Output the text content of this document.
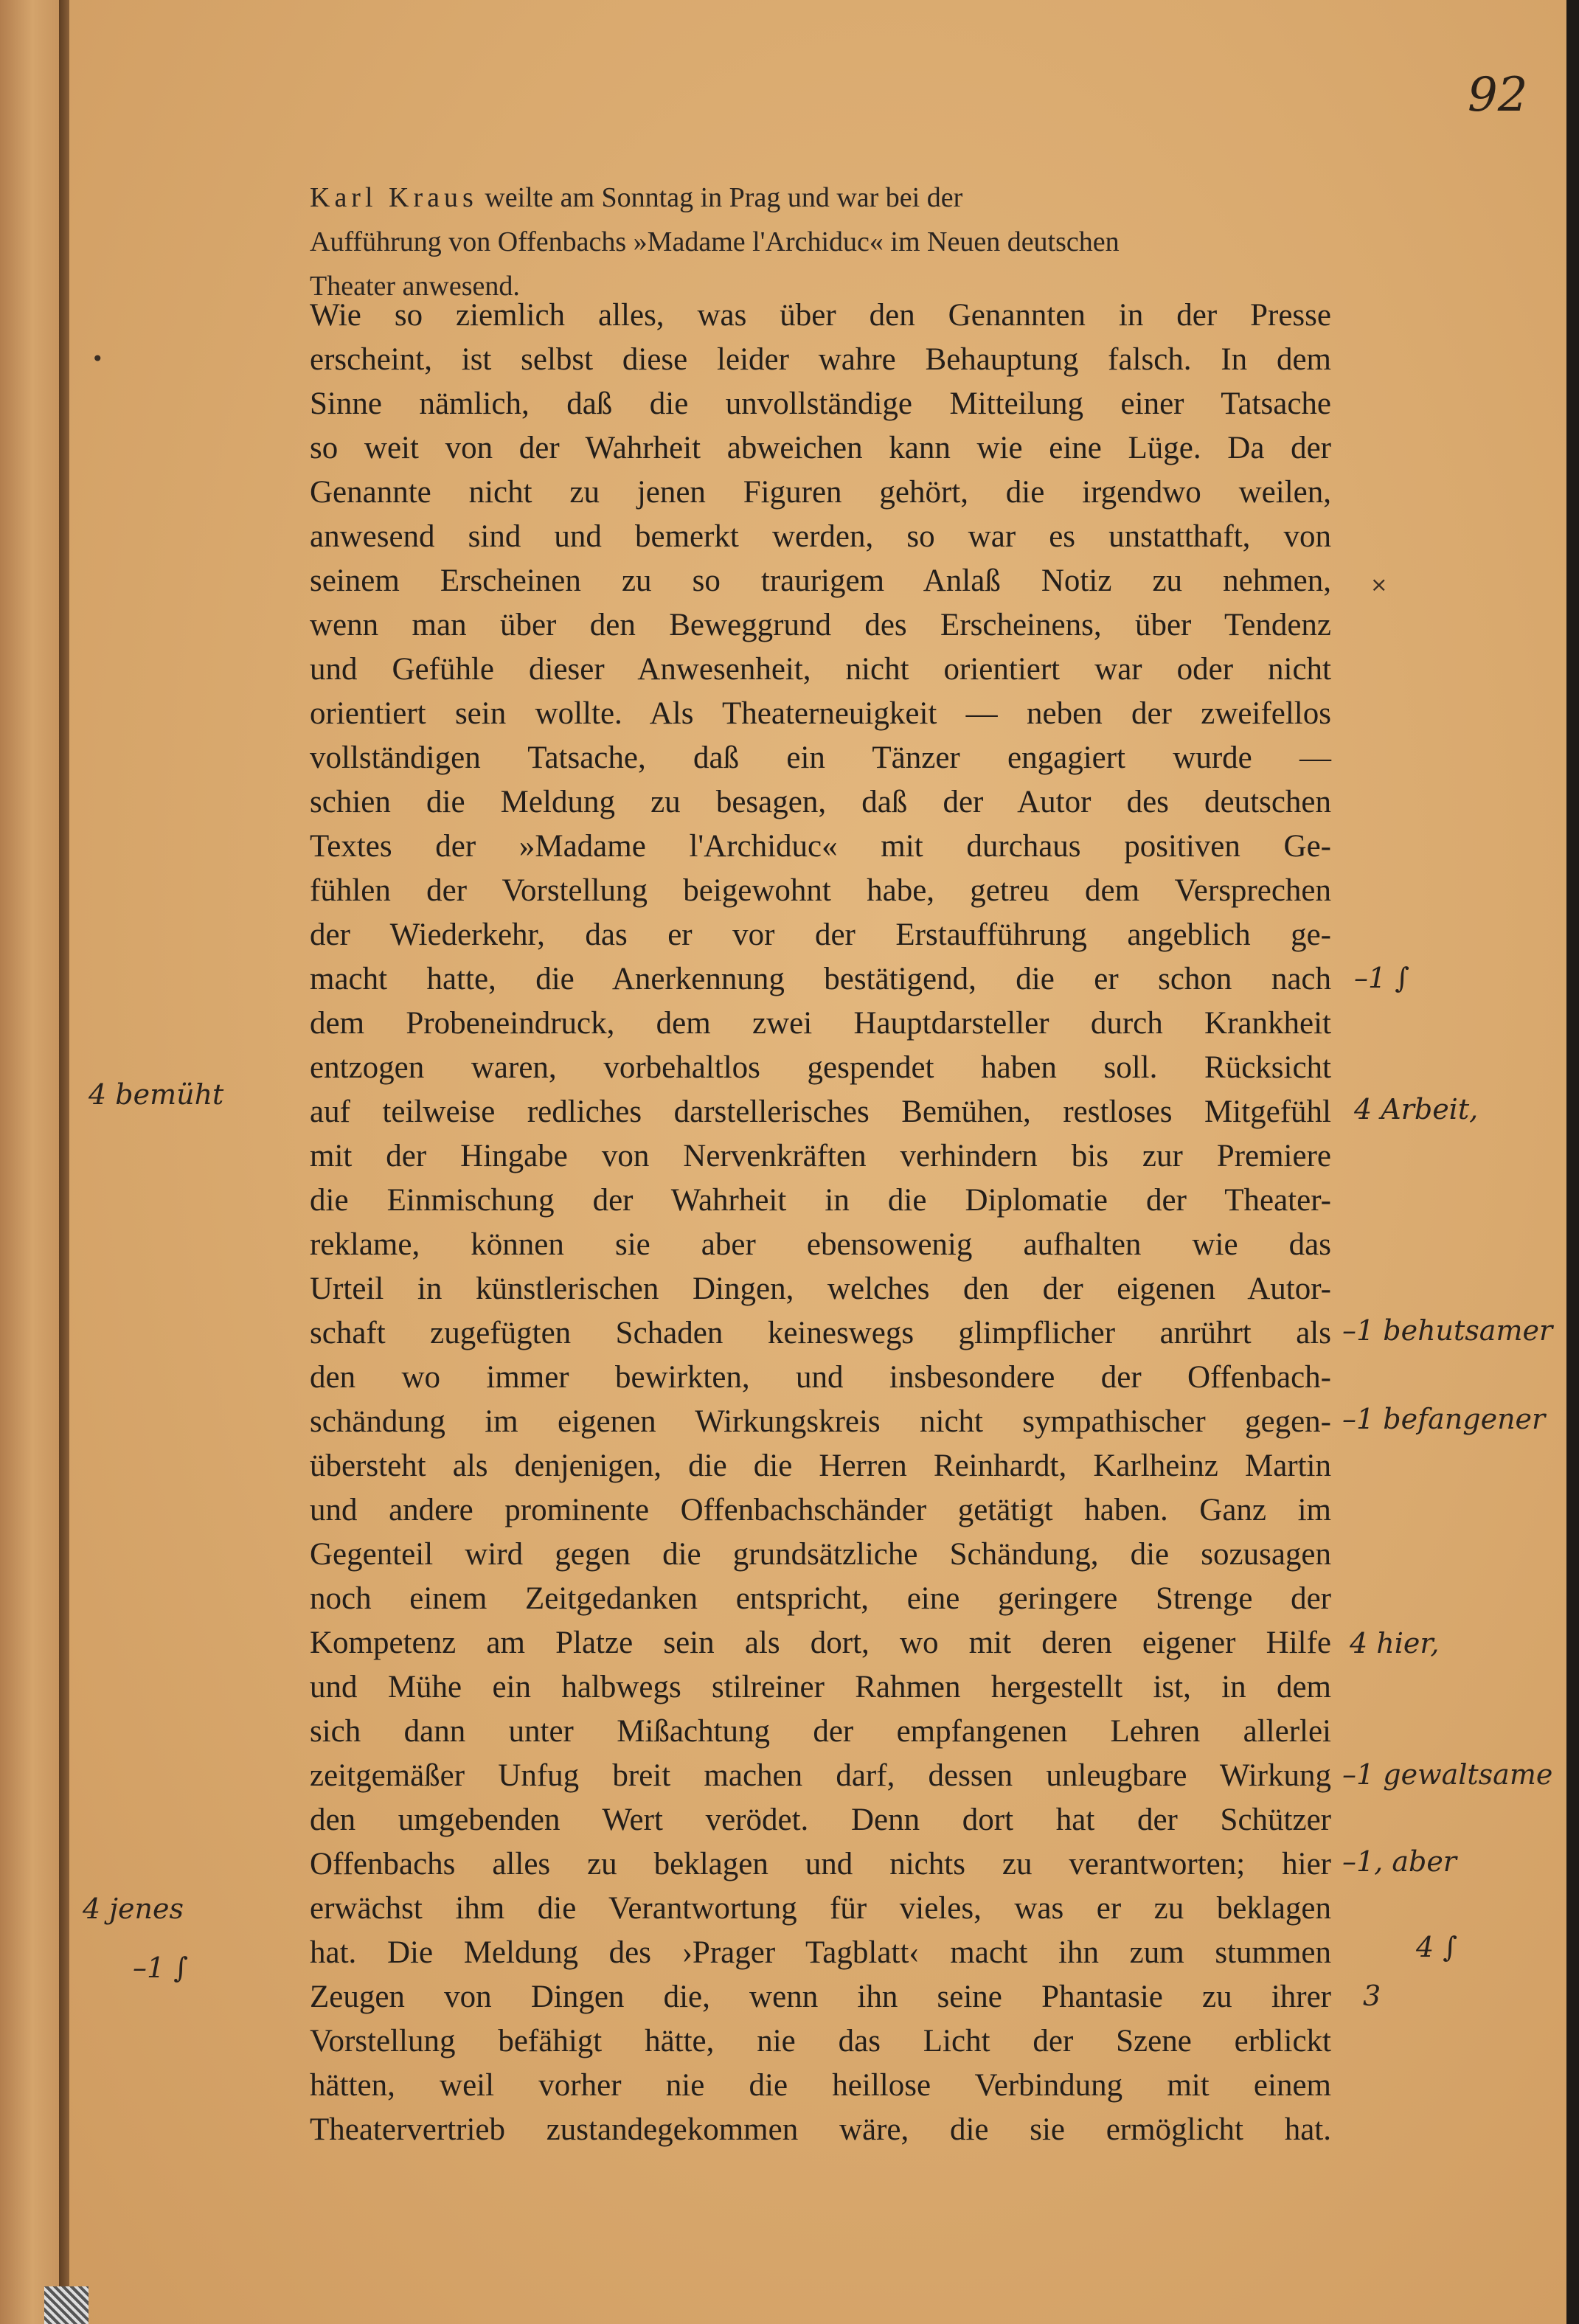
92
Karl Kraus weilte am Sonntag in Prag und war bei der
Aufführung von Offenbachs »Madame l'Archiduc« im Neuen deutschen
Theater anwesend.
Wie so ziemlich alles, was über den Genannten in der Presse
erscheint, ist selbst diese leider wahre Behauptung falsch. In dem
Sinne nämlich, daß die unvollständige Mitteilung einer Tatsache
so weit von der Wahrheit abweichen kann wie eine Lüge. Da der
Genannte nicht zu jenen Figuren gehört, die irgendwo weilen,
anwesend sind und bemerkt werden, so war es unstatthaft, von
seinem Erscheinen zu so traurigem Anlaß Notiz zu nehmen,
wenn man über den Beweggrund des Erscheinens, über Tendenz
und Gefühle dieser Anwesenheit, nicht orientiert war oder nicht
orientiert sein wollte. Als Theaterneuigkeit — neben der zweifellos
vollständigen Tatsache, daß ein Tänzer engagiert wurde —
schien die Meldung zu besagen, daß der Autor des deutschen
Textes der »Madame l'Archiduc« mit durchaus positiven Ge-
fühlen der Vorstellung beigewohnt habe, getreu dem Versprechen
der Wiederkehr, das er vor der Erstaufführung angeblich ge-
macht hatte, die Anerkennung bestätigend, die er schon nach
dem Probeneindruck, dem zwei Hauptdarsteller durch Krankheit
entzogen waren, vorbehaltlos gespendet haben soll. Rücksicht
auf teilweise redliches darstellerisches Bemühen, restloses Mitgefühl
mit der Hingabe von Nervenkräften verhindern bis zur Premiere
die Einmischung der Wahrheit in die Diplomatie der Theater-
reklame, können sie aber ebensowenig aufhalten wie das
Urteil in künstlerischen Dingen, welches den der eigenen Autor-
schaft zugefügten Schaden keineswegs glimpflicher anrührt als
den wo immer bewirkten, und insbesondere der Offenbach-
schändung im eigenen Wirkungskreis nicht sympathischer gegen-
übersteht als denjenigen, die die Herren Reinhardt, Karlheinz Martin
und andere prominente Offenbachschänder getätigt haben. Ganz im
Gegenteil wird gegen die grundsätzliche Schändung, die sozusagen
noch einem Zeitgedanken entspricht, eine geringere Strenge der
Kompetenz am Platze sein als dort, wo mit deren eigener Hilfe
und Mühe ein halbwegs stilreiner Rahmen hergestellt ist, in dem
sich dann unter Mißachtung der empfangenen Lehren allerlei
zeitgemäßer Unfug breit machen darf, dessen unleugbare Wirkung
den umgebenden Wert verödet. Denn dort hat der Schützer
Offenbachs alles zu beklagen und nichts zu verantworten; hier
erwächst ihm die Verantwortung für vieles, was er zu beklagen
hat. Die Meldung des ›Prager Tagblatt‹ macht ihn zum stummen
Zeugen von Dingen die, wenn ihn seine Phantasie zu ihrer
Vorstellung befähigt hätte, nie das Licht der Szene erblickt
hätten, weil vorher nie die heillose Verbindung mit einem
Theatervertrieb zustandegekommen wäre, die sie ermöglicht hat.
•
×
4 bemüht
4 jenes
–1 ∫
–1 ∫
4 Arbeit,
–1 behutsamer
–1 befangener
4 hier,
–1 gewaltsame
–1, aber
4 ∫
3
